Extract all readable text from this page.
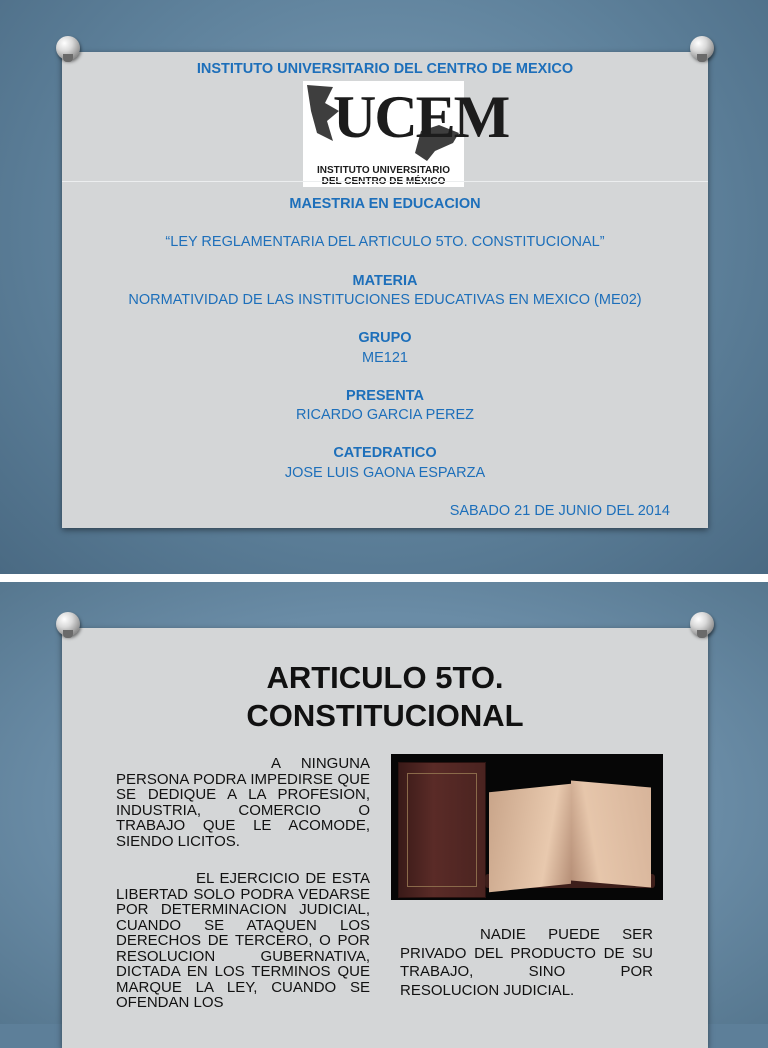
INSTITUTO UNIVERSITARIO DEL CENTRO DE MEXICO
UCEM
INSTITUTO UNIVERSITARIO
MAESTRIA EN EDUCACION
“LEY REGLAMENTARIA DEL ARTICULO 5TO. CONSTITUCIONAL”
MATERIA
NORMATIVIDAD DE LAS INSTITUCIONES EDUCATIVAS EN MEXICO (ME02)
GRUPO
ME121
PRESENTA
RICARDO GARCIA PEREZ
CATEDRATICO
JOSE LUIS GAONA ESPARZA
SABADO 21 DE JUNIO DEL 2014
ARTICULO 5TO.
CONSTITUCIONAL

A NINGUNA PERSONA PODRA IMPEDIRSE QUE SE DEDIQUE A LA PROFESION, INDUSTRIA, COMERCIO O TRABAJO QUE LE ACOMODE, SIENDO LICITOS.

EL EJERCICIO DE ESTA LIBERTAD SOLO PODRA VEDARSE POR DETERMINACION JUDICIAL, CUANDO SE ATAQUEN LOS DERECHOS DE TERCERO, O POR RESOLUCION GUBERNATIVA, DICTADA EN LOS TERMINOS QUE MARQUE LA LEY, CUANDO SE OFENDAN LOS

NADIE PUEDE SER PRIVADO DEL PRODUCTO DE SU TRABAJO, SINO POR RESOLUCION JUDICIAL.
